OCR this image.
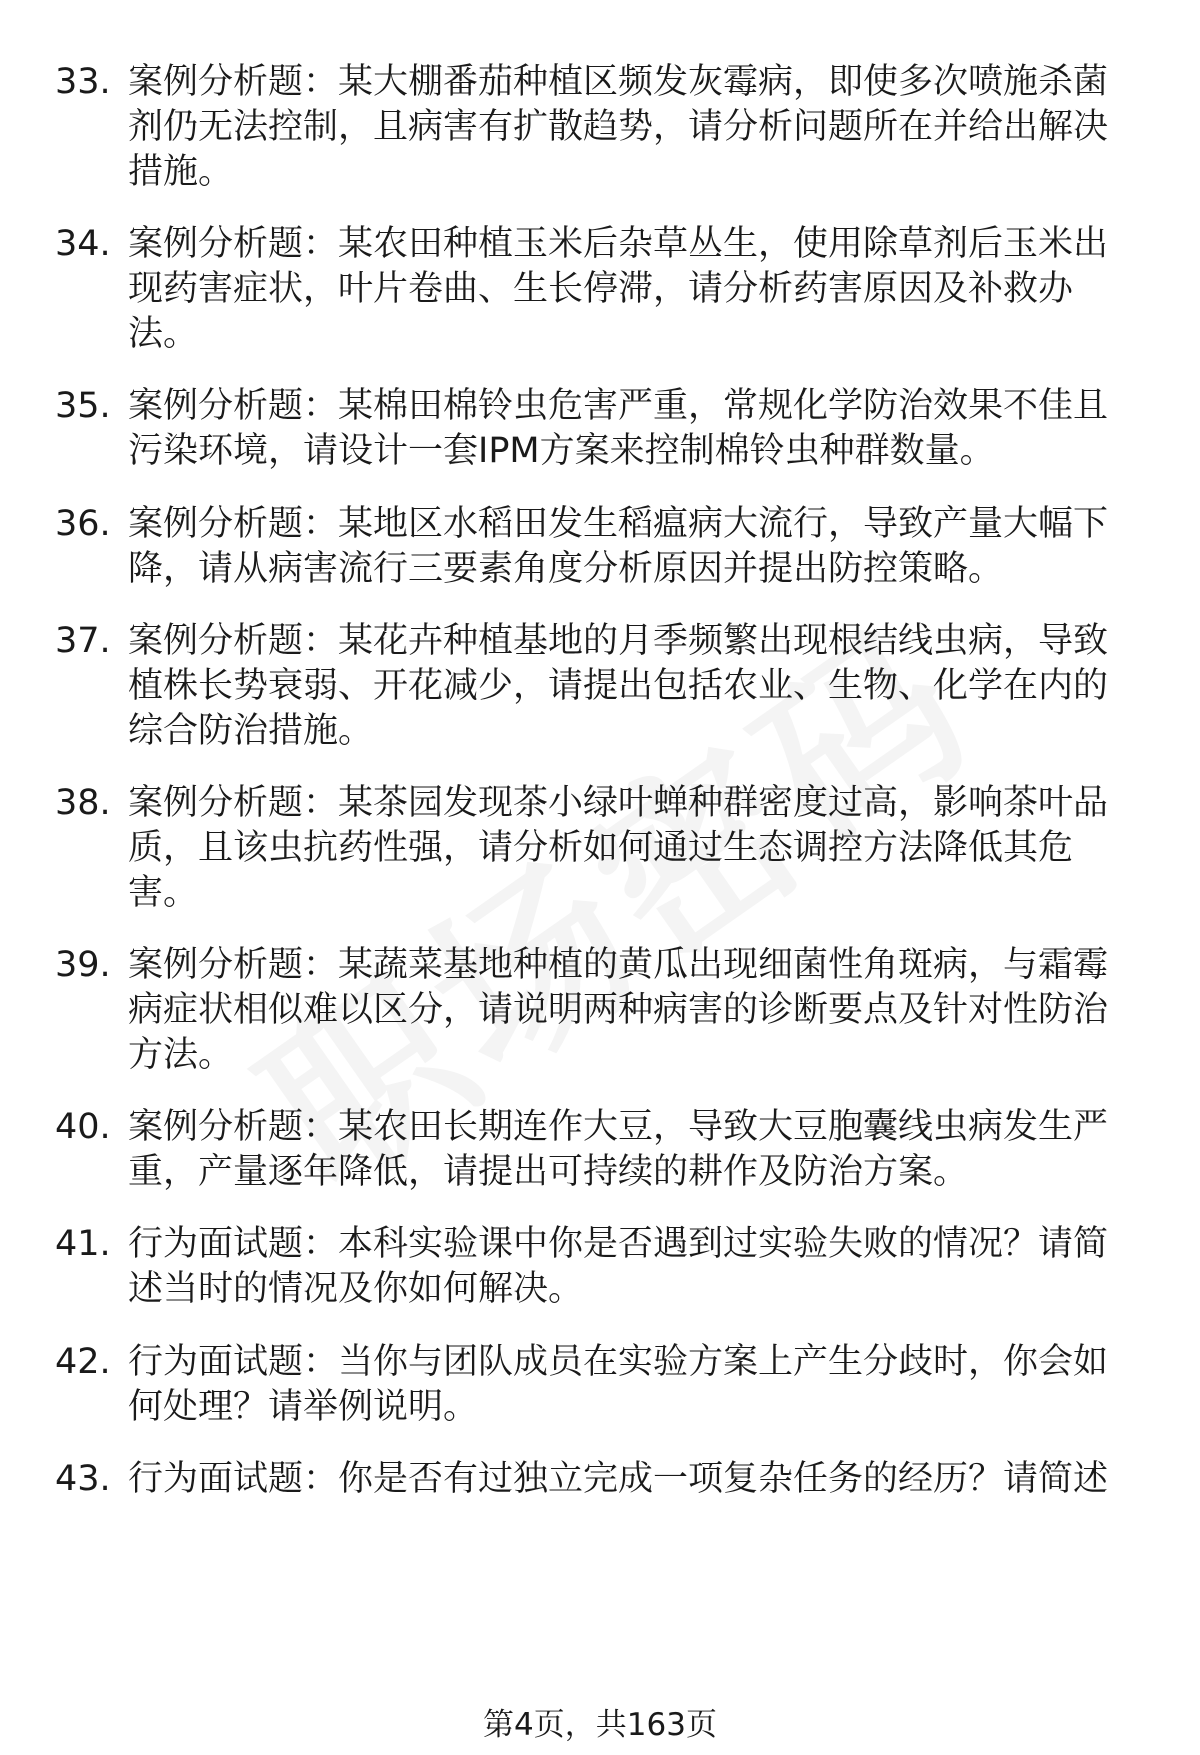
33. 案例分析题：某大棚番茄种植区频发灰霉病，即使多次喷施杀菌剂仍无法控制，且病害有扩散趋势，请分析问题所在并给出解决措施。
34. 案例分析题：某农田种植玉米后杂草丛生，使用除草剂后玉米出现药害症状，叶片卷曲、生长停滞，请分析药害原因及补救办法。
35. 案例分析题：某棉田棉铃虫危害严重，常规化学防治效果不佳且污染环境，请设计一套IPM方案来控制棉铃虫种群数量。
36. 案例分析题：某地区水稻田发生稻瘟病大流行，导致产量大幅下降，请从病害流行三要素角度分析原因并提出防控策略。
37. 案例分析题：某花卉种植基地的月季频繁出现根结线虫病，导致植株长势衰弱、开花减少，请提出包括农业、生物、化学在内的综合防治措施。
38. 案例分析题：某茶园发现茶小绿叶蝉种群密度过高，影响茶叶品质，且该虫抗药性强，请分析如何通过生态调控方法降低其危害。
39. 案例分析题：某蔬菜基地种植的黄瓜出现细菌性角斑病，与霜霉病症状相似难以区分，请说明两种病害的诊断要点及针对性防治方法。
40. 案例分析题：某农田长期连作大豆，导致大豆胞囊线虫病发生严重，产量逐年降低，请提出可持续的耕作及防治方案。
41. 行为面试题：本科实验课中你是否遇到过实验失败的情况？请简述当时的情况及你如何解决。
42. 行为面试题：当你与团队成员在实验方案上产生分歧时，你会如何处理？请举例说明。
43. 行为面试题：你是否有过独立完成一项复杂任务的经历？请简述
第4页，共163页
